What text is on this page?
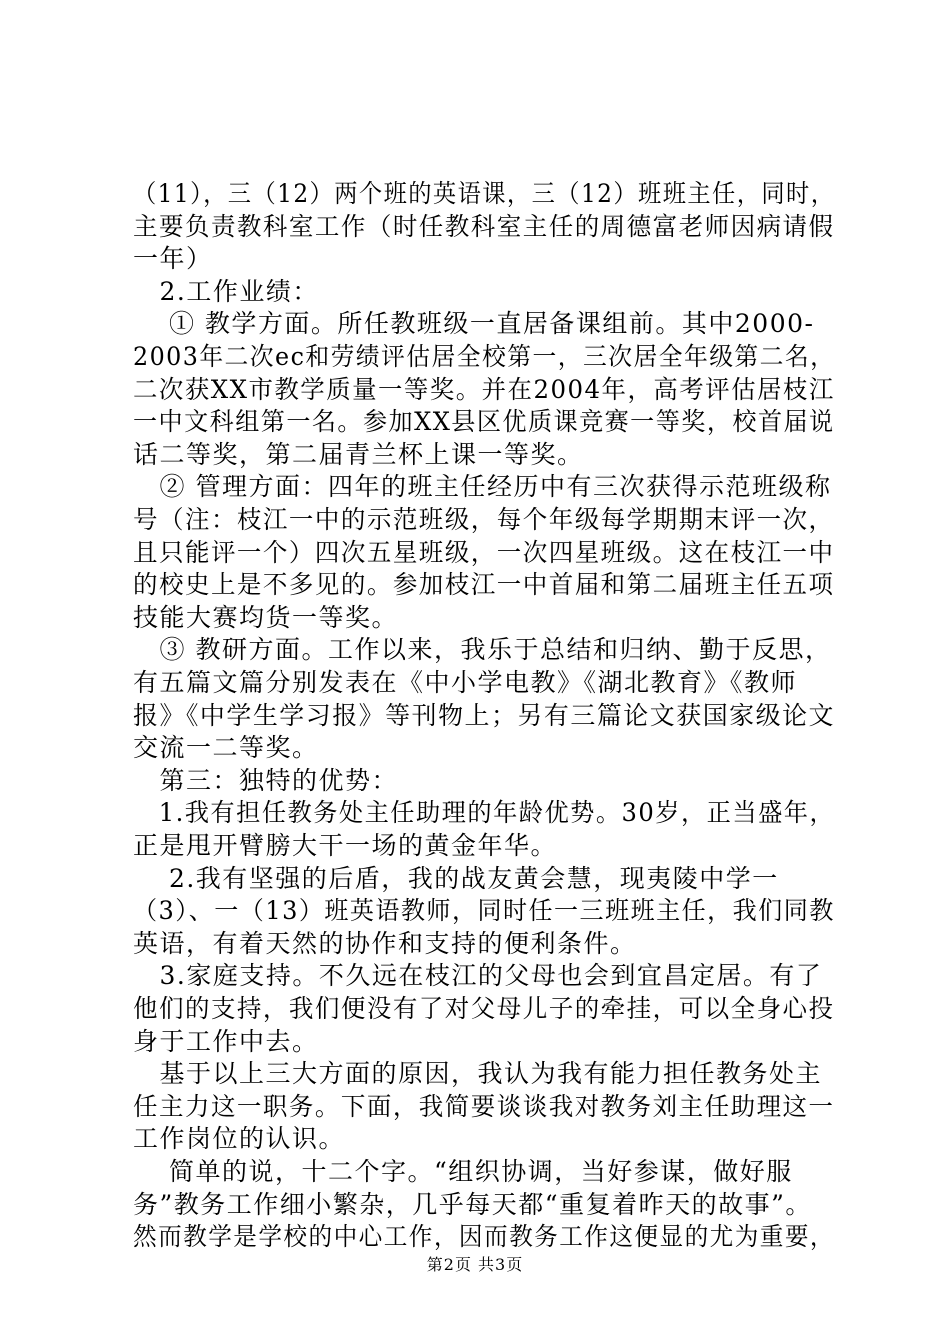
（11），三（12）两个班的英语课，三（12）班班主任，同时，
主要负责教科室工作（时任教科室主任的周德富老师因病请假
一年）
　2.工作业绩：
　 ① 教学方面。所任教班级一直居备课组前。其中2000-
2003年二次ec和劳绩评估居全校第一，三次居全年级第二名，
二次获XX市教学质量一等奖。并在2004年，高考评估居枝江
一中文科组第一名。参加XX县区优质课竞赛一等奖，校首届说
话二等奖，第二届青兰杯上课一等奖。
　② 管理方面：四年的班主任经历中有三次获得示范班级称
号（注：枝江一中的示范班级，每个年级每学期期末评一次，
且只能评一个）四次五星班级，一次四星班级。这在枝江一中
的校史上是不多见的。参加枝江一中首届和第二届班主任五项
技能大赛均货一等奖。
　③ 教研方面。工作以来，我乐于总结和归纳、勤于反思，
有五篇文篇分别发表在《中小学电教》《湖北教育》《教师
报》《中学生学习报》等刊物上；另有三篇论文获国家级论文
交流一二等奖。
　第三：独特的优势：
　1.我有担任教务处主任助理的年龄优势。30岁，正当盛年，
正是甩开臂膀大干一场的黄金年华。
　 2.我有坚强的后盾，我的战友黄会慧，现夷陵中学一
（3）、一（13）班英语教师，同时任一三班班主任，我们同教
英语，有着天然的协作和支持的便利条件。
　3.家庭支持。不久远在枝江的父母也会到宜昌定居。有了
他们的支持，我们便没有了对父母儿子的牵挂，可以全身心投
身于工作中去。
　基于以上三大方面的原因，我认为我有能力担任教务处主
任主力这一职务。下面，我简要谈谈我对教务刘主任助理这一
工作岗位的认识。
　 简单的说，十二个字。“组织协调，当好参谋，做好服
务”教务工作细小繁杂，几乎每天都“重复着昨天的故事”。
然而教学是学校的中心工作，因而教务工作这便显的尤为重要，
第2页 共3页
